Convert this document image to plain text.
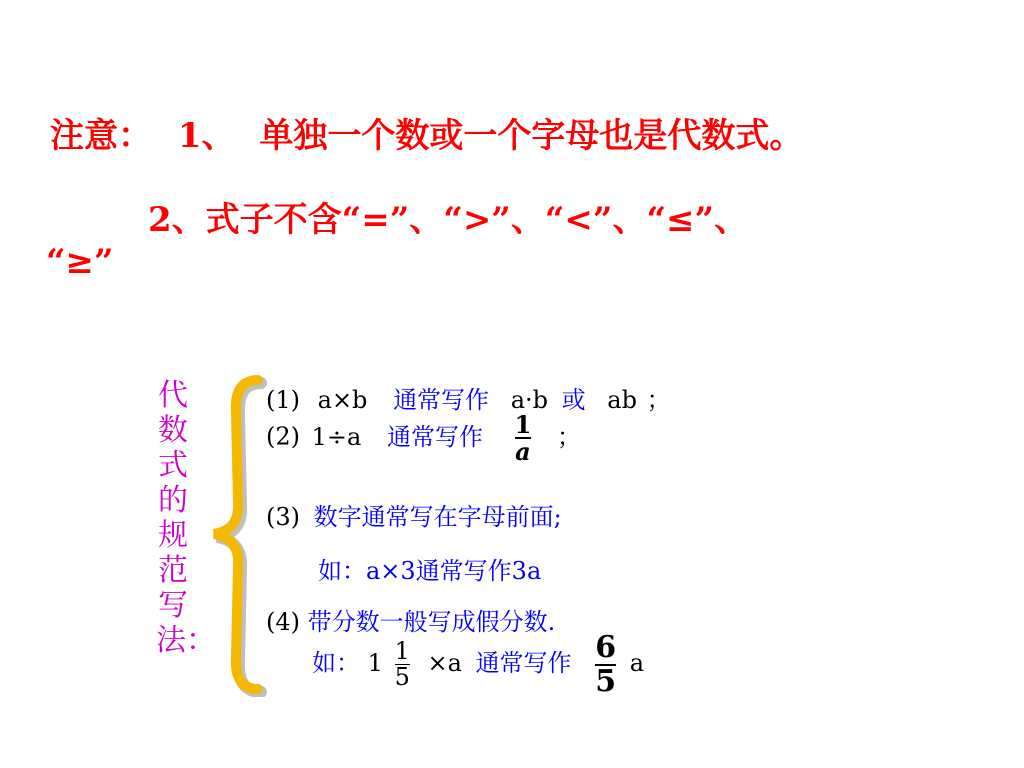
注意： 1、 单独一个数或一个字母也是代数式。
2、式子不含“=”、“>”、“<”、“≤”、
“≥”
代数式的规范写法：
(1) a×b 通常写作 a·b 或 ab ；
(2) 1÷a 通常写作 $\frac{1}{a}$ ；
(3) 数字通常写在字母前面;
如：a×3通常写作3a
(4) 带分数一般写成假分数.
如： $1 \frac{1}{5} \times a$ 通常写作 $\frac{6}{5}$ a
